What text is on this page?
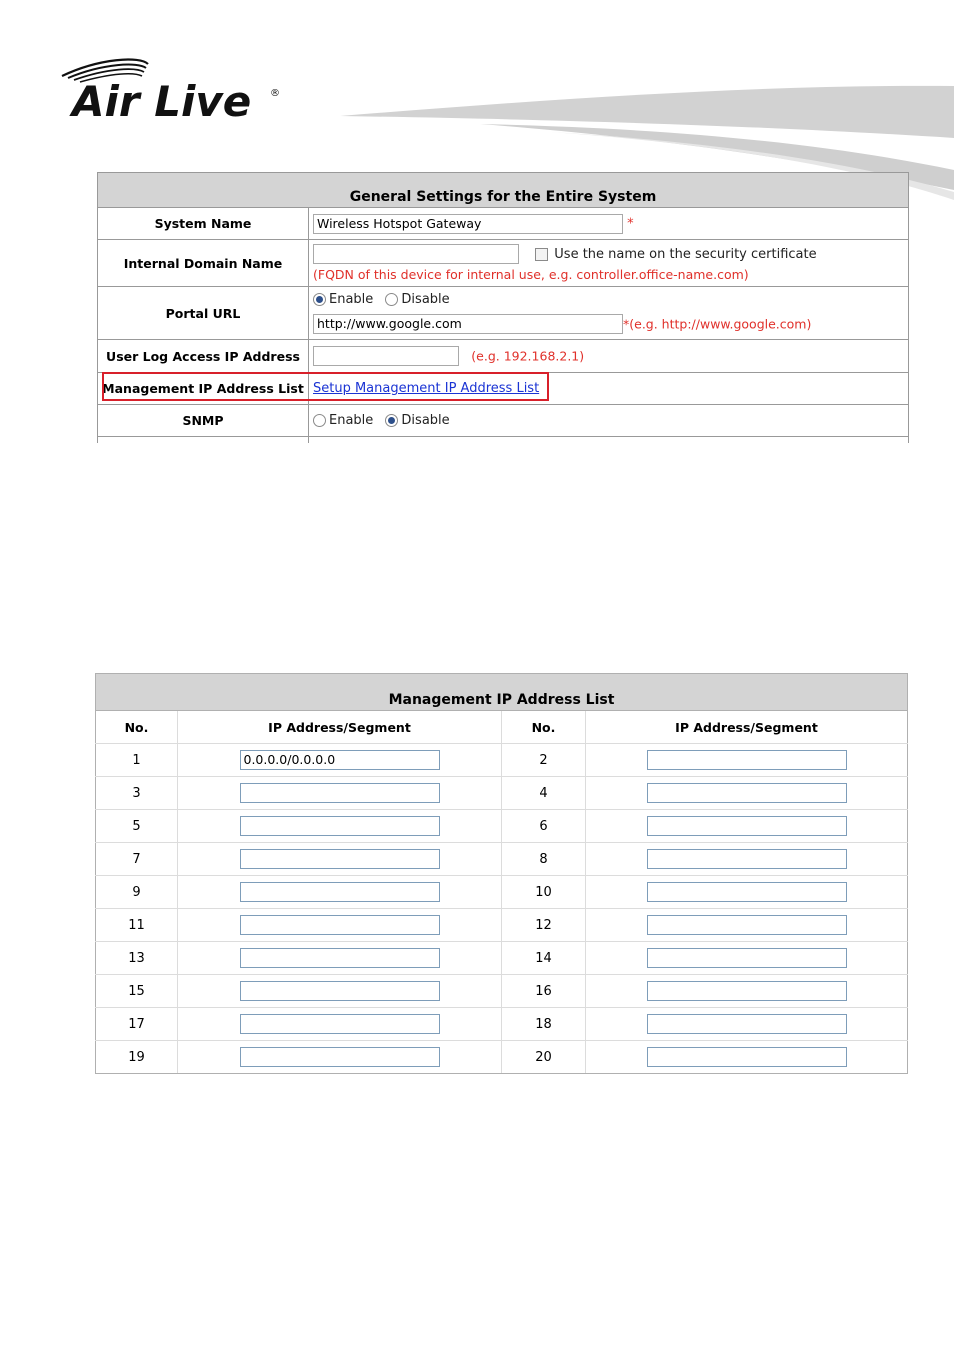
Air Live ®
General Settings for the Entire System	
System Name	Wireless Hotspot Gateway *
Internal Domain Name	Use the name on the security certificate
(FQDN of this device for internal use, e.g. controller.office-name.com)

Portal URL	Enable Disable
http://www.google.com *(e.g. http://www.google.com)
User Log Access IP Address	(e.g. 192.168.2.1)
Management IP Address List	Setup Management IP Address List
SNMP	Enable Disable

Management IP Address List			
No.	IP Address/Segment	No.	IP Address/Segment
1	0.0.0.0/0.0.0.0	2	
3		4	
5		6	
7		8	
9		10	
11		12	
13		14	
15		16	
17		18	
19		20	
